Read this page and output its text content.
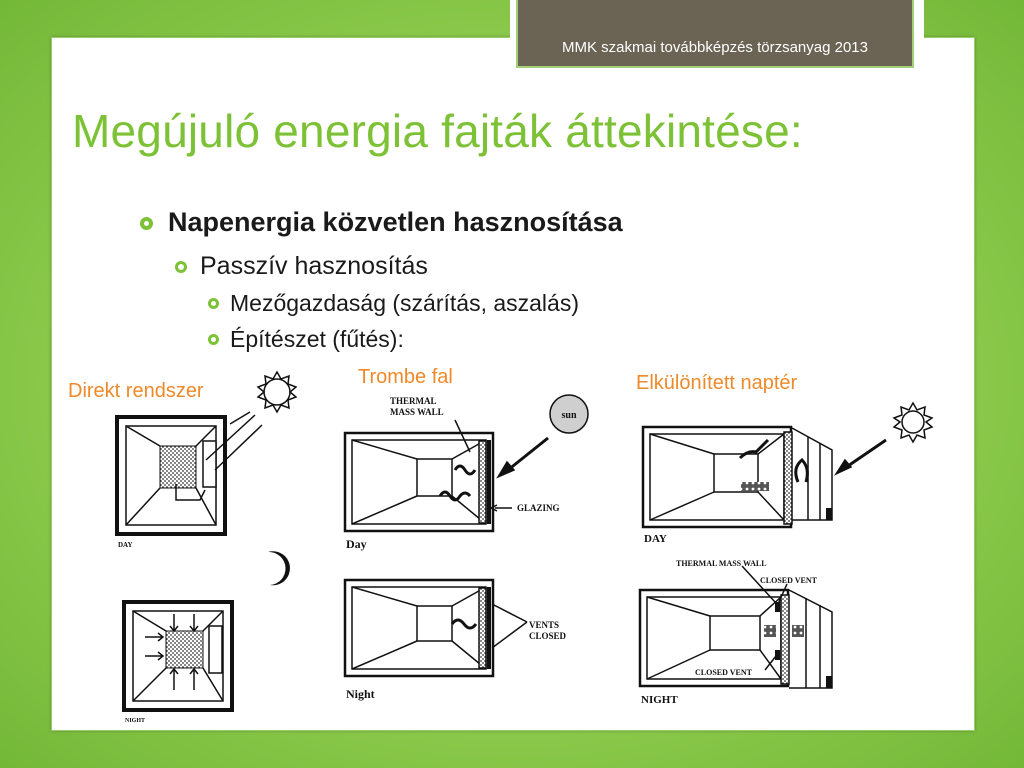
MMK szakmai továbbképzés törzsanyag 2013
Megújuló energia fajták áttekintése:
Napenergia közvetlen hasznosítása
Passzív hasznosítás
Mezőgazdaság (szárítás, aszalás)
Építészet (fűtés):
Direkt rendszer
Trombe fal	Elkülönített naptér
DAY
NIGHT
THERMAL
MASS WALL
GLAZING
Day
sun
VENTS
CLOSED
Night
DAY
THERMAL MASS WALL
CLOSED VENT
CLOSED VENT
NIGHT
